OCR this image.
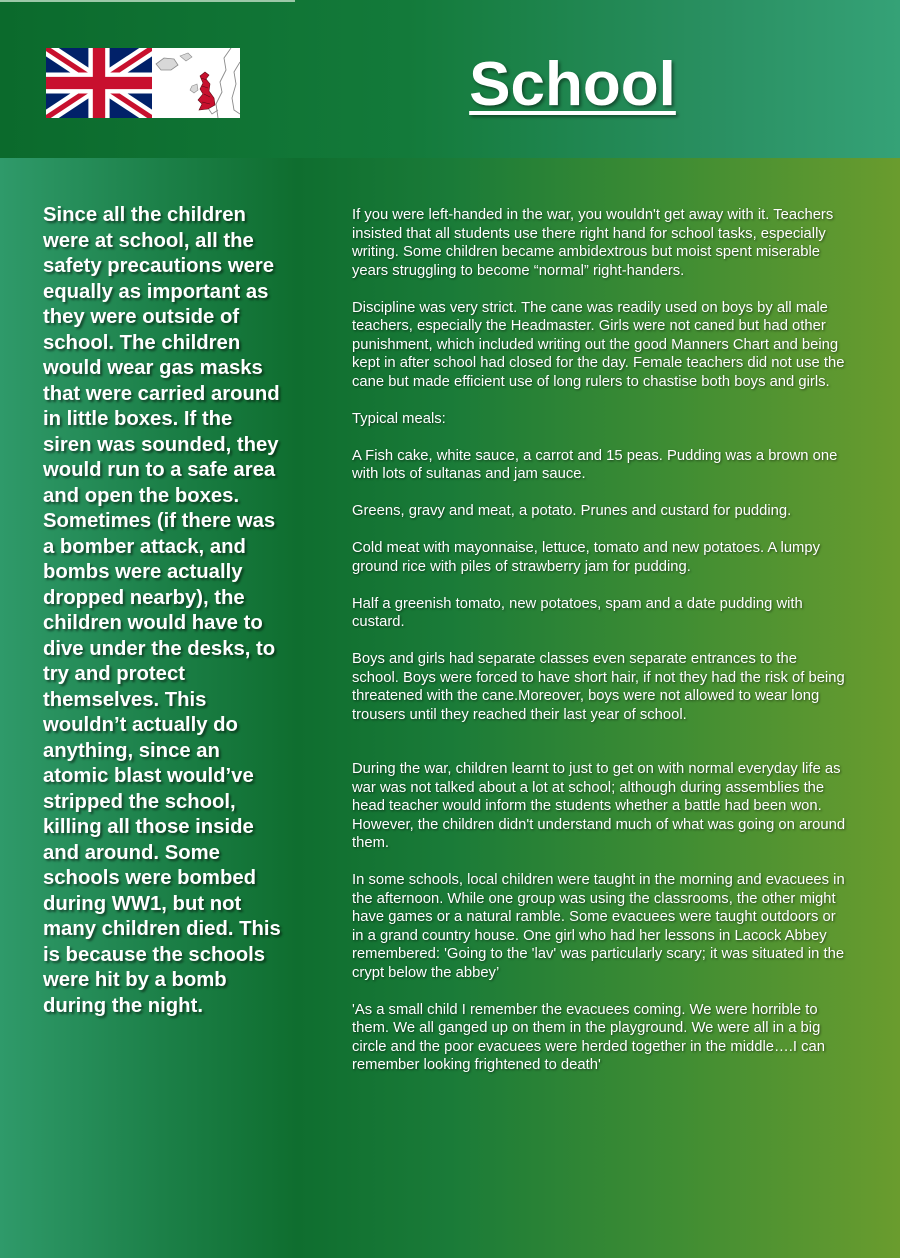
School
Since all the children were at school, all the safety precautions were equally as important as they were outside of school. The children would wear gas masks that were carried around in little boxes. If the siren was sounded, they would run to a safe area and open the boxes. Sometimes (if there was a bomber attack, and bombs were actually dropped nearby), the children would have to dive under the desks, to try and protect themselves. This wouldn’t actually do anything, since an atomic blast would’ve stripped the school, killing all those inside and around. Some schools were bombed during WW1, but not many children died. This is because the schools were hit by a bomb during the night.

If you were left-handed in the war, you wouldn't get away with it. Teachers insisted that all students use there right hand for school tasks, especially writing. Some children became ambidextrous but moist spent miserable years struggling to become “normal” right-handers.

Discipline was very strict. The cane was readily used on boys by all male teachers, especially the Headmaster. Girls were not caned but had other punishment, which included writing out the good Manners Chart and being kept in after school had closed for the day. Female teachers did not use the cane but made efficient use of long rulers to chastise both boys and girls.

Typical meals:

A Fish cake, white sauce, a carrot and 15 peas. Pudding was a brown one with lots of sultanas and jam sauce.

Greens, gravy and meat, a potato. Prunes and custard for pudding.

Cold meat with mayonnaise, lettuce, tomato and new potatoes. A lumpy ground rice with piles of strawberry jam for pudding.

Half a greenish tomato, new potatoes, spam and a date pudding with custard.

Boys and girls had separate classes even separate entrances to the school. Boys were forced to have short hair, if not they had the risk of being threatened with the cane.Moreover, boys were not allowed to wear long trousers until they reached their last year of school.

During the war, children learnt to just to get on with normal everyday life as war was not talked about a lot at school; although during assemblies the head teacher would inform the students whether a battle had been won. However, the children didn't understand much of what was going on around them.

In some schools, local children were taught in the morning and evacuees in the afternoon. While one group was using the classrooms, the other might have games or a natural ramble. Some evacuees were taught outdoors or in a grand country house. One girl who had her lessons in Lacock Abbey remembered: 'Going to the 'lav' was particularly scary; it was situated in the crypt below the abbey’

'As a small child I remember the evacuees coming. We were horrible to them. We all ganged up on them in the playground. We were all in a big circle and the poor evacuees were herded together in the middle….I can remember looking frightened to death'
